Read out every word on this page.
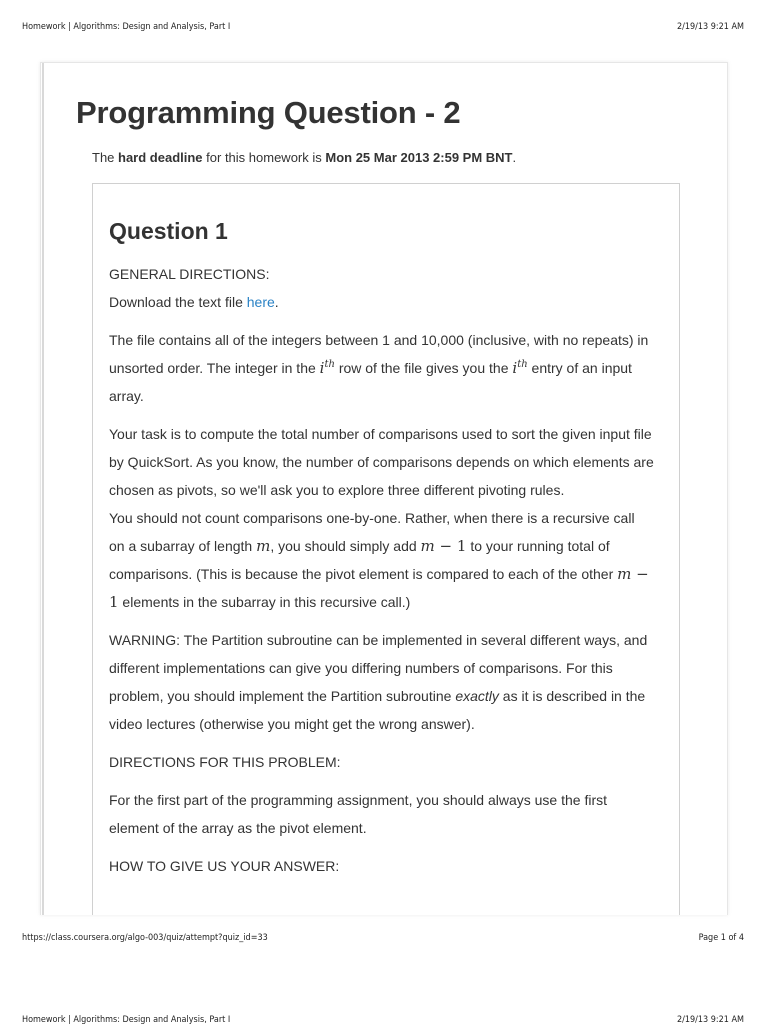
Homework | Algorithms: Design and Analysis, Part I	2/19/13 9:21 AM
Programming Question - 2
The hard deadline for this homework is Mon 25 Mar 2013 2:59 PM BNT.
Question 1

GENERAL DIRECTIONS:

Download the text file here.

The file contains all of the integers between 1 and 10,000 (inclusive, with no repeats) in unsorted order. The integer in the $i^{th}$ row of the file gives you the $i^{th}$ entry of an input array.

Your task is to compute the total number of comparisons used to sort the given input file by QuickSort. As you know, the number of comparisons depends on which elements are chosen as pivots, so we'll ask you to explore three different pivoting rules.

You should not count comparisons one-by-one. Rather, when there is a recursive call on a subarray of length m, you should simply add m − 1 to your running total of comparisons. (This is because the pivot element is compared to each of the other m − 1 elements in the subarray in this recursive call.)

WARNING: The Partition subroutine can be implemented in several different ways, and different implementations can give you differing numbers of comparisons. For this problem, you should implement the Partition subroutine exactly as it is described in the video lectures (otherwise you might get the wrong answer).

DIRECTIONS FOR THIS PROBLEM:

For the first part of the programming assignment, you should always use the first element of the array as the pivot element.

HOW TO GIVE US YOUR ANSWER:

https://class.coursera.org/algo-003/quiz/attempt?quiz_id=33	Page 1 of 4
Homework | Algorithms: Design and Analysis, Part I	2/19/13 9:21 AM
